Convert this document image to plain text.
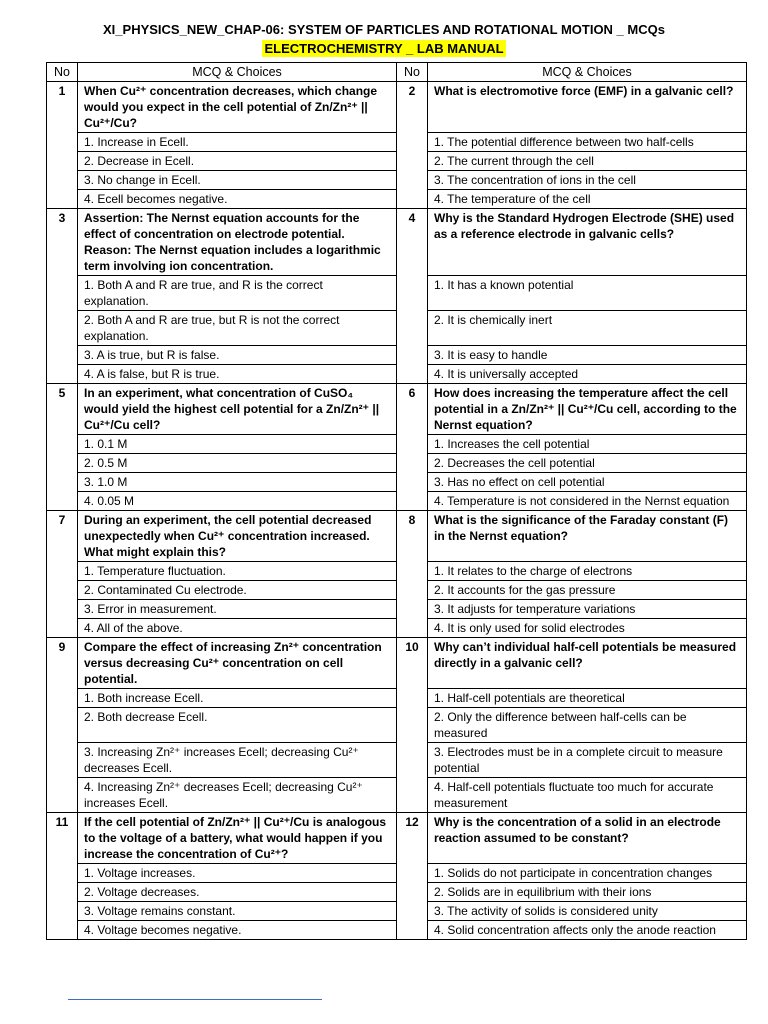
XI_PHYSICS_NEW_CHAP-06: SYSTEM OF PARTICLES AND ROTATIONAL MOTION _ MCQs
ELECTROCHEMISTRY _ LAB MANUAL
No	MCQ & Choices	No	MCQ & Choices
1	When Cu²⁺ concentration decreases, which change would you expect in the cell potential of Zn/Zn²⁺ || Cu²⁺/Cu?	2	What is electromotive force (EMF) in a galvanic cell?
	1. Increase in Ecell.		1. The potential difference between two half-cells
	2. Decrease in Ecell.		2. The current through the cell
	3. No change in Ecell.		3. The concentration of ions in the cell
	4. Ecell becomes negative.		4. The temperature of the cell
3	Assertion: The Nernst equation accounts for the effect of concentration on electrode potential. Reason: The Nernst equation includes a logarithmic term involving ion concentration.	4	Why is the Standard Hydrogen Electrode (SHE) used as a reference electrode in galvanic cells?
	1. Both A and R are true, and R is the correct explanation.		1. It has a known potential
	2. Both A and R are true, but R is not the correct explanation.		2. It is chemically inert
	3. A is true, but R is false.		3. It is easy to handle
	4. A is false, but R is true.		4. It is universally accepted
5	In an experiment, what concentration of CuSO₄ would yield the highest cell potential for a Zn/Zn²⁺ || Cu²⁺/Cu cell?	6	How does increasing the temperature affect the cell potential in a Zn/Zn²⁺ || Cu²⁺/Cu cell, according to the Nernst equation?
	1. 0.1 M		1. Increases the cell potential
	2. 0.5 M		2. Decreases the cell potential
	3. 1.0 M		3. Has no effect on cell potential
	4. 0.05 M		4. Temperature is not considered in the Nernst equation
7	During an experiment, the cell potential decreased unexpectedly when Cu²⁺ concentration increased. What might explain this?	8	What is the significance of the Faraday constant (F) in the Nernst equation?
	1. Temperature fluctuation.		1. It relates to the charge of electrons
	2. Contaminated Cu electrode.		2. It accounts for the gas pressure
	3. Error in measurement.		3. It adjusts for temperature variations
	4. All of the above.		4. It is only used for solid electrodes
9	Compare the effect of increasing Zn²⁺ concentration versus decreasing Cu²⁺ concentration on cell potential.	10	Why can’t individual half-cell potentials be measured directly in a galvanic cell?
	1. Both increase Ecell.		1. Half-cell potentials are theoretical
	2. Both decrease Ecell.		2. Only the difference between half-cells can be measured
	3. Increasing Zn²⁺ increases Ecell; decreasing Cu²⁺ decreases Ecell.		3. Electrodes must be in a complete circuit to measure potential
	4. Increasing Zn²⁺ decreases Ecell; decreasing Cu²⁺ increases Ecell.		4. Half-cell potentials fluctuate too much for accurate measurement
11	If the cell potential of Zn/Zn²⁺ || Cu²⁺/Cu is analogous to the voltage of a battery, what would happen if you increase the concentration of Cu²⁺?	12	Why is the concentration of a solid in an electrode reaction assumed to be constant?
	1. Voltage increases.		1. Solids do not participate in concentration changes
	2. Voltage decreases.		2. Solids are in equilibrium with their ions
	3. Voltage remains constant.		3. The activity of solids is considered unity
	4. Voltage becomes negative.		4. Solid concentration affects only the anode reaction
